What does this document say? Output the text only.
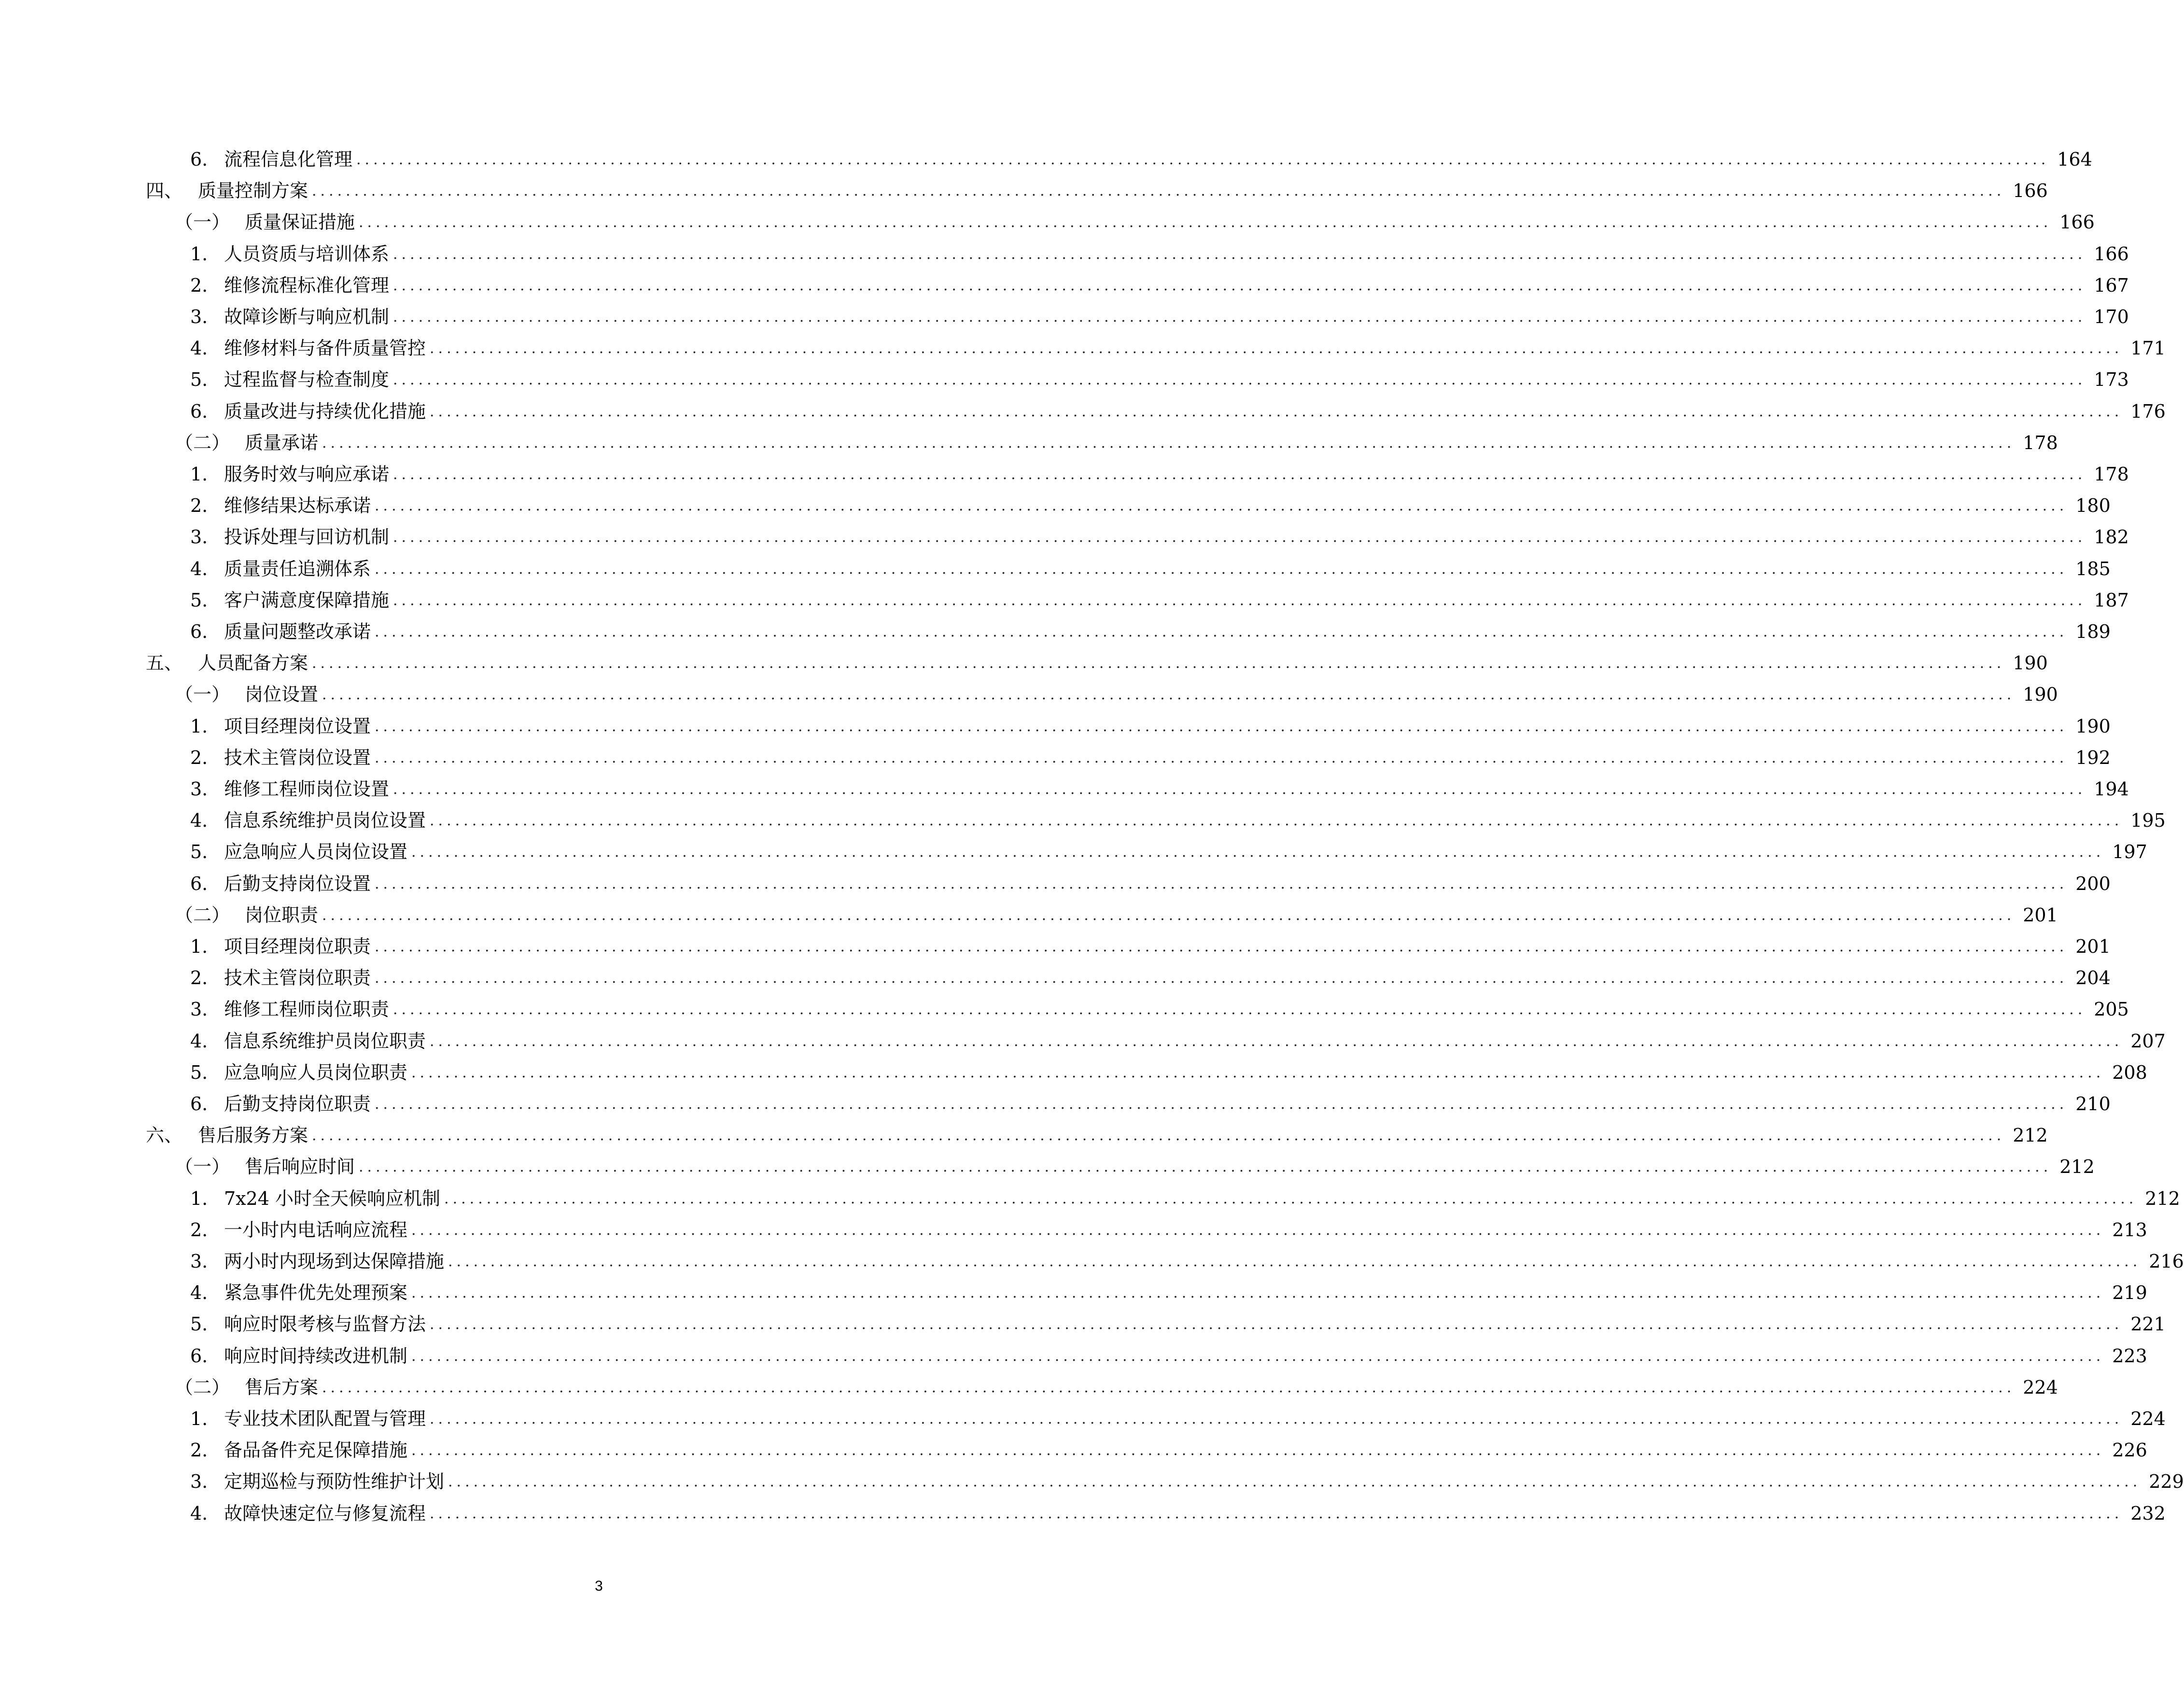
6. 流程信息化管理 ........................................................................................................................................................................................................ 164
四、 质量控制方案 ........................................................................................................................................................................................................ 166
（一） 质量保证措施 ........................................................................................................................................................................................................ 166
1. 人员资质与培训体系 ........................................................................................................................................................................................................ 166
2. 维修流程标准化管理 ........................................................................................................................................................................................................ 167
3. 故障诊断与响应机制 ........................................................................................................................................................................................................ 170
4. 维修材料与备件质量管控 ........................................................................................................................................................................................................ 171
5. 过程监督与检查制度 ........................................................................................................................................................................................................ 173
6. 质量改进与持续优化措施 ........................................................................................................................................................................................................ 176
（二） 质量承诺 ........................................................................................................................................................................................................ 178
1. 服务时效与响应承诺 ........................................................................................................................................................................................................ 178
2. 维修结果达标承诺 ........................................................................................................................................................................................................ 180
3. 投诉处理与回访机制 ........................................................................................................................................................................................................ 182
4. 质量责任追溯体系 ........................................................................................................................................................................................................ 185
5. 客户满意度保障措施 ........................................................................................................................................................................................................ 187
6. 质量问题整改承诺 ........................................................................................................................................................................................................ 189
五、 人员配备方案 ........................................................................................................................................................................................................ 190
（一） 岗位设置 ........................................................................................................................................................................................................ 190
1. 项目经理岗位设置 ........................................................................................................................................................................................................ 190
2. 技术主管岗位设置 ........................................................................................................................................................................................................ 192
3. 维修工程师岗位设置 ........................................................................................................................................................................................................ 194
4. 信息系统维护员岗位设置 ........................................................................................................................................................................................................ 195
5. 应急响应人员岗位设置 ........................................................................................................................................................................................................ 197
6. 后勤支持岗位设置 ........................................................................................................................................................................................................ 200
（二） 岗位职责 ........................................................................................................................................................................................................ 201
1. 项目经理岗位职责 ........................................................................................................................................................................................................ 201
2. 技术主管岗位职责 ........................................................................................................................................................................................................ 204
3. 维修工程师岗位职责 ........................................................................................................................................................................................................ 205
4. 信息系统维护员岗位职责 ........................................................................................................................................................................................................ 207
5. 应急响应人员岗位职责 ........................................................................................................................................................................................................ 208
6. 后勤支持岗位职责 ........................................................................................................................................................................................................ 210
六、 售后服务方案 ........................................................................................................................................................................................................ 212
（一） 售后响应时间 ........................................................................................................................................................................................................ 212
1. 7x24 小时全天候响应机制 ........................................................................................................................................................................................................ 212
2. 一小时内电话响应流程 ........................................................................................................................................................................................................ 213
3. 两小时内现场到达保障措施 ........................................................................................................................................................................................................ 216
4. 紧急事件优先处理预案 ........................................................................................................................................................................................................ 219
5. 响应时限考核与监督方法 ........................................................................................................................................................................................................ 221
6. 响应时间持续改进机制 ........................................................................................................................................................................................................ 223
（二） 售后方案 ........................................................................................................................................................................................................ 224
1. 专业技术团队配置与管理 ........................................................................................................................................................................................................ 224
2. 备品备件充足保障措施 ........................................................................................................................................................................................................ 226
3. 定期巡检与预防性维护计划 ........................................................................................................................................................................................................ 229
4. 故障快速定位与修复流程 ........................................................................................................................................................................................................ 232
3
